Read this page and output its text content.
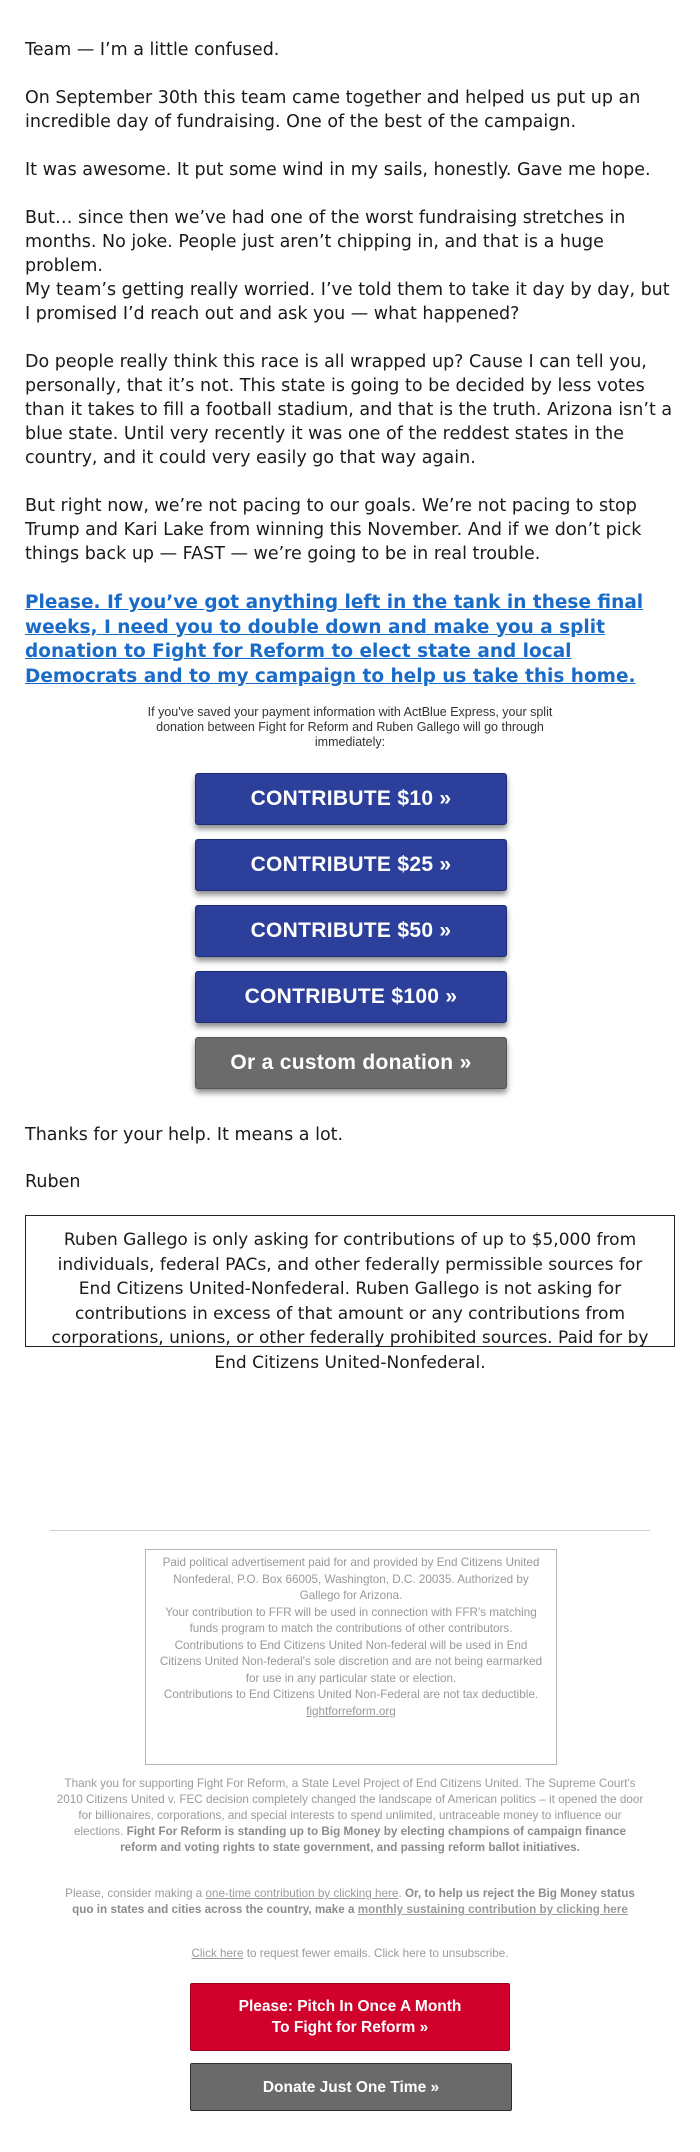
Team — I’m a little confused.

On September 30th this team came together and helped us put up an incredible day of fundraising. One of the best of the campaign.

It was awesome. It put some wind in my sails, honestly. Gave me hope.

But… since then we’ve had one of the worst fundraising stretches in months. No joke. People just aren’t chipping in, and that is a huge problem.

My team’s getting really worried. I’ve told them to take it day by day, but I promised I’d reach out and ask you — what happened?

Do people really think this race is all wrapped up? Cause I can tell you, personally, that it’s not. This state is going to be decided by less votes than it takes to fill a football stadium, and that is the truth. Arizona isn’t a blue state. Until very recently it was one of the reddest states in the country, and it could very easily go that way again.

But right now, we’re not pacing to our goals. We’re not pacing to stop Trump and Kari Lake from winning this November. And if we don’t pick things back up — FAST — we’re going to be in real trouble.

Please. If you’ve got anything left in the tank in these final weeks, I need you to double down and make you a split donation to Fight for Reform to elect state and local Democrats and to my campaign to help us take this home.

If you've saved your payment information with ActBlue Express, your split donation between Fight for Reform and Ruben Gallego will go through immediately:

CONTRIBUTE $10 »
CONTRIBUTE $25 »
CONTRIBUTE $50 »
CONTRIBUTE $100 »
Or a custom donation »

Thanks for your help. It means a lot.

Ruben

Ruben Gallego is only asking for contributions of up to $5,000 from individuals, federal PACs, and other federally permissible sources for End Citizens United-Nonfederal. Ruben Gallego is not asking for contributions in excess of that amount or any contributions from corporations, unions, or other federally prohibited sources. Paid for by End Citizens United-Nonfederal.

Paid political advertisement paid for and provided by End Citizens United Nonfederal, P.O. Box 66005, Washington, D.C. 20035. Authorized by Gallego for Arizona.
Your contribution to FFR will be used in connection with FFR's matching funds program to match the contributions of other contributors.
Contributions to End Citizens United Non-federal will be used in End Citizens United Non-federal's sole discretion and are not being earmarked for use in any particular state or election.
Contributions to End Citizens United Non-Federal are not tax deductible.
fightforreform.org

Thank you for supporting Fight For Reform, a State Level Project of End Citizens United. The Supreme Court's 2010 Citizens United v. FEC decision completely changed the landscape of American politics – it opened the door for billionaires, corporations, and special interests to spend unlimited, untraceable money to influence our elections. Fight For Reform is standing up to Big Money by electing champions of campaign finance reform and voting rights to state government, and passing reform ballot initiatives.

Please, consider making a one-time contribution by clicking here. Or, to help us reject the Big Money status quo in states and cities across the country, make a monthly sustaining contribution by clicking here

Click here to request fewer emails. Click here to unsubscribe.

Please: Pitch In Once A Month To Fight for Reform »
Donate Just One Time »
